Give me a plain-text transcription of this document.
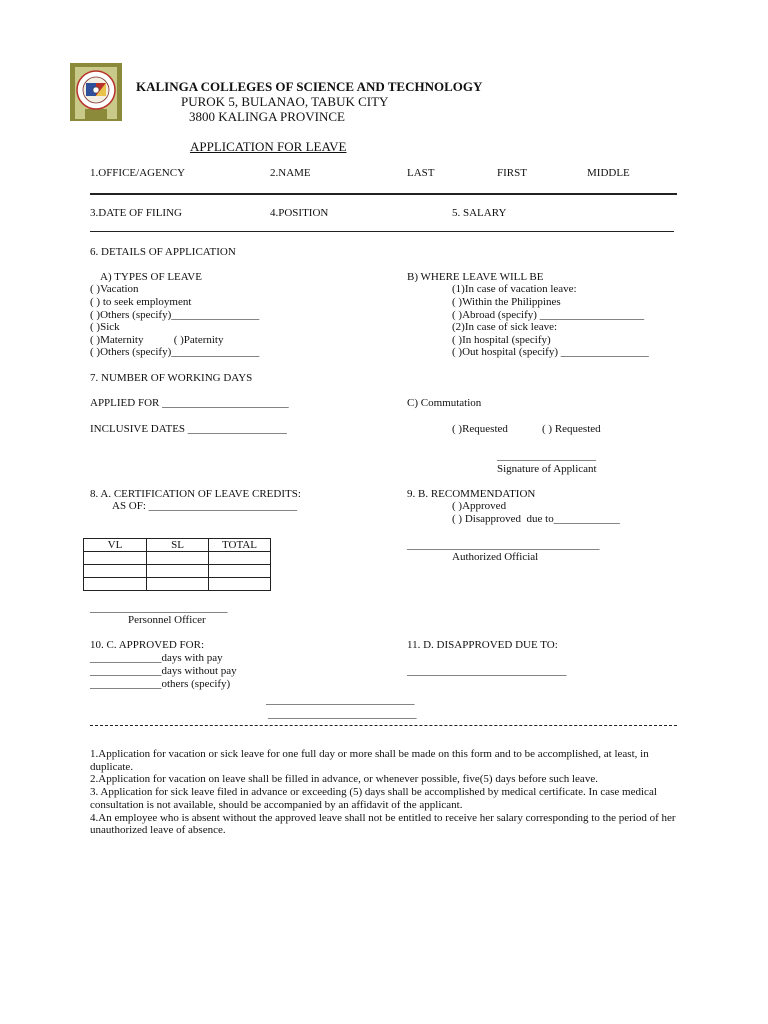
KALINGA COLLEGES OF SCIENCE AND TECHNOLOGY
PUROK 5, BULANAO, TABUK CITY
3800 KALINGA PROVINCE
APPLICATION FOR LEAVE
1.OFFICE/AGENCY	2.NAME	LAST	FIRST	MIDDLE
3.DATE OF FILING	4.POSITION	5. SALARY
6. DETAILS OF APPLICATION
A) TYPES OF LEAVE
( )Vacation
( ) to seek employment
( )Others (specify)________________
( )Sick
( )Maternity           ( )Paternity
( )Others (specify)________________
B) WHERE LEAVE WILL BE
(1)In case of vacation leave:
( )Within the Philippines
( )Abroad (specify) ___________________
(2)In case of sick leave:
( )In hospital (specify)
( )Out hospital (specify) ________________
7. NUMBER OF WORKING DAYS
APPLIED FOR _______________________	C) Commutation
INCLUSIVE DATES __________________	( )Requested	( ) Requested
__________________
Signature of Applicant
8. A. CERTIFICATION OF LEAVE CREDITS:
AS OF: ___________________________
VL	SL	TOTAL

_________________________
Personnel Officer
9. B. RECOMMENDATION
( )Approved
( ) Disapproved  due to____________
___________________________________
Authorized Official
10. C. APPROVED FOR:
_____________days with pay
_____________days without pay
_____________others (specify)
11. D. DISAPPROVED DUE TO:
_____________________________
___________________________
___________________________

1.Application for vacation or sick leave for one full day or more shall be made on this form and to be accomplished, at least, in duplicate.

2.Application for vacation on leave shall be filled in advance, or whenever possible, five(5) days before such leave.

3. Application for sick leave filed in advance or exceeding (5) days shall be accomplished by medical certificate. In case medical consultation is not available, should be accompanied by an affidavit of the applicant.

4.An employee who is absent without the approved leave shall not be entitled to receive her salary corresponding to the period of her unauthorized leave of absence.
